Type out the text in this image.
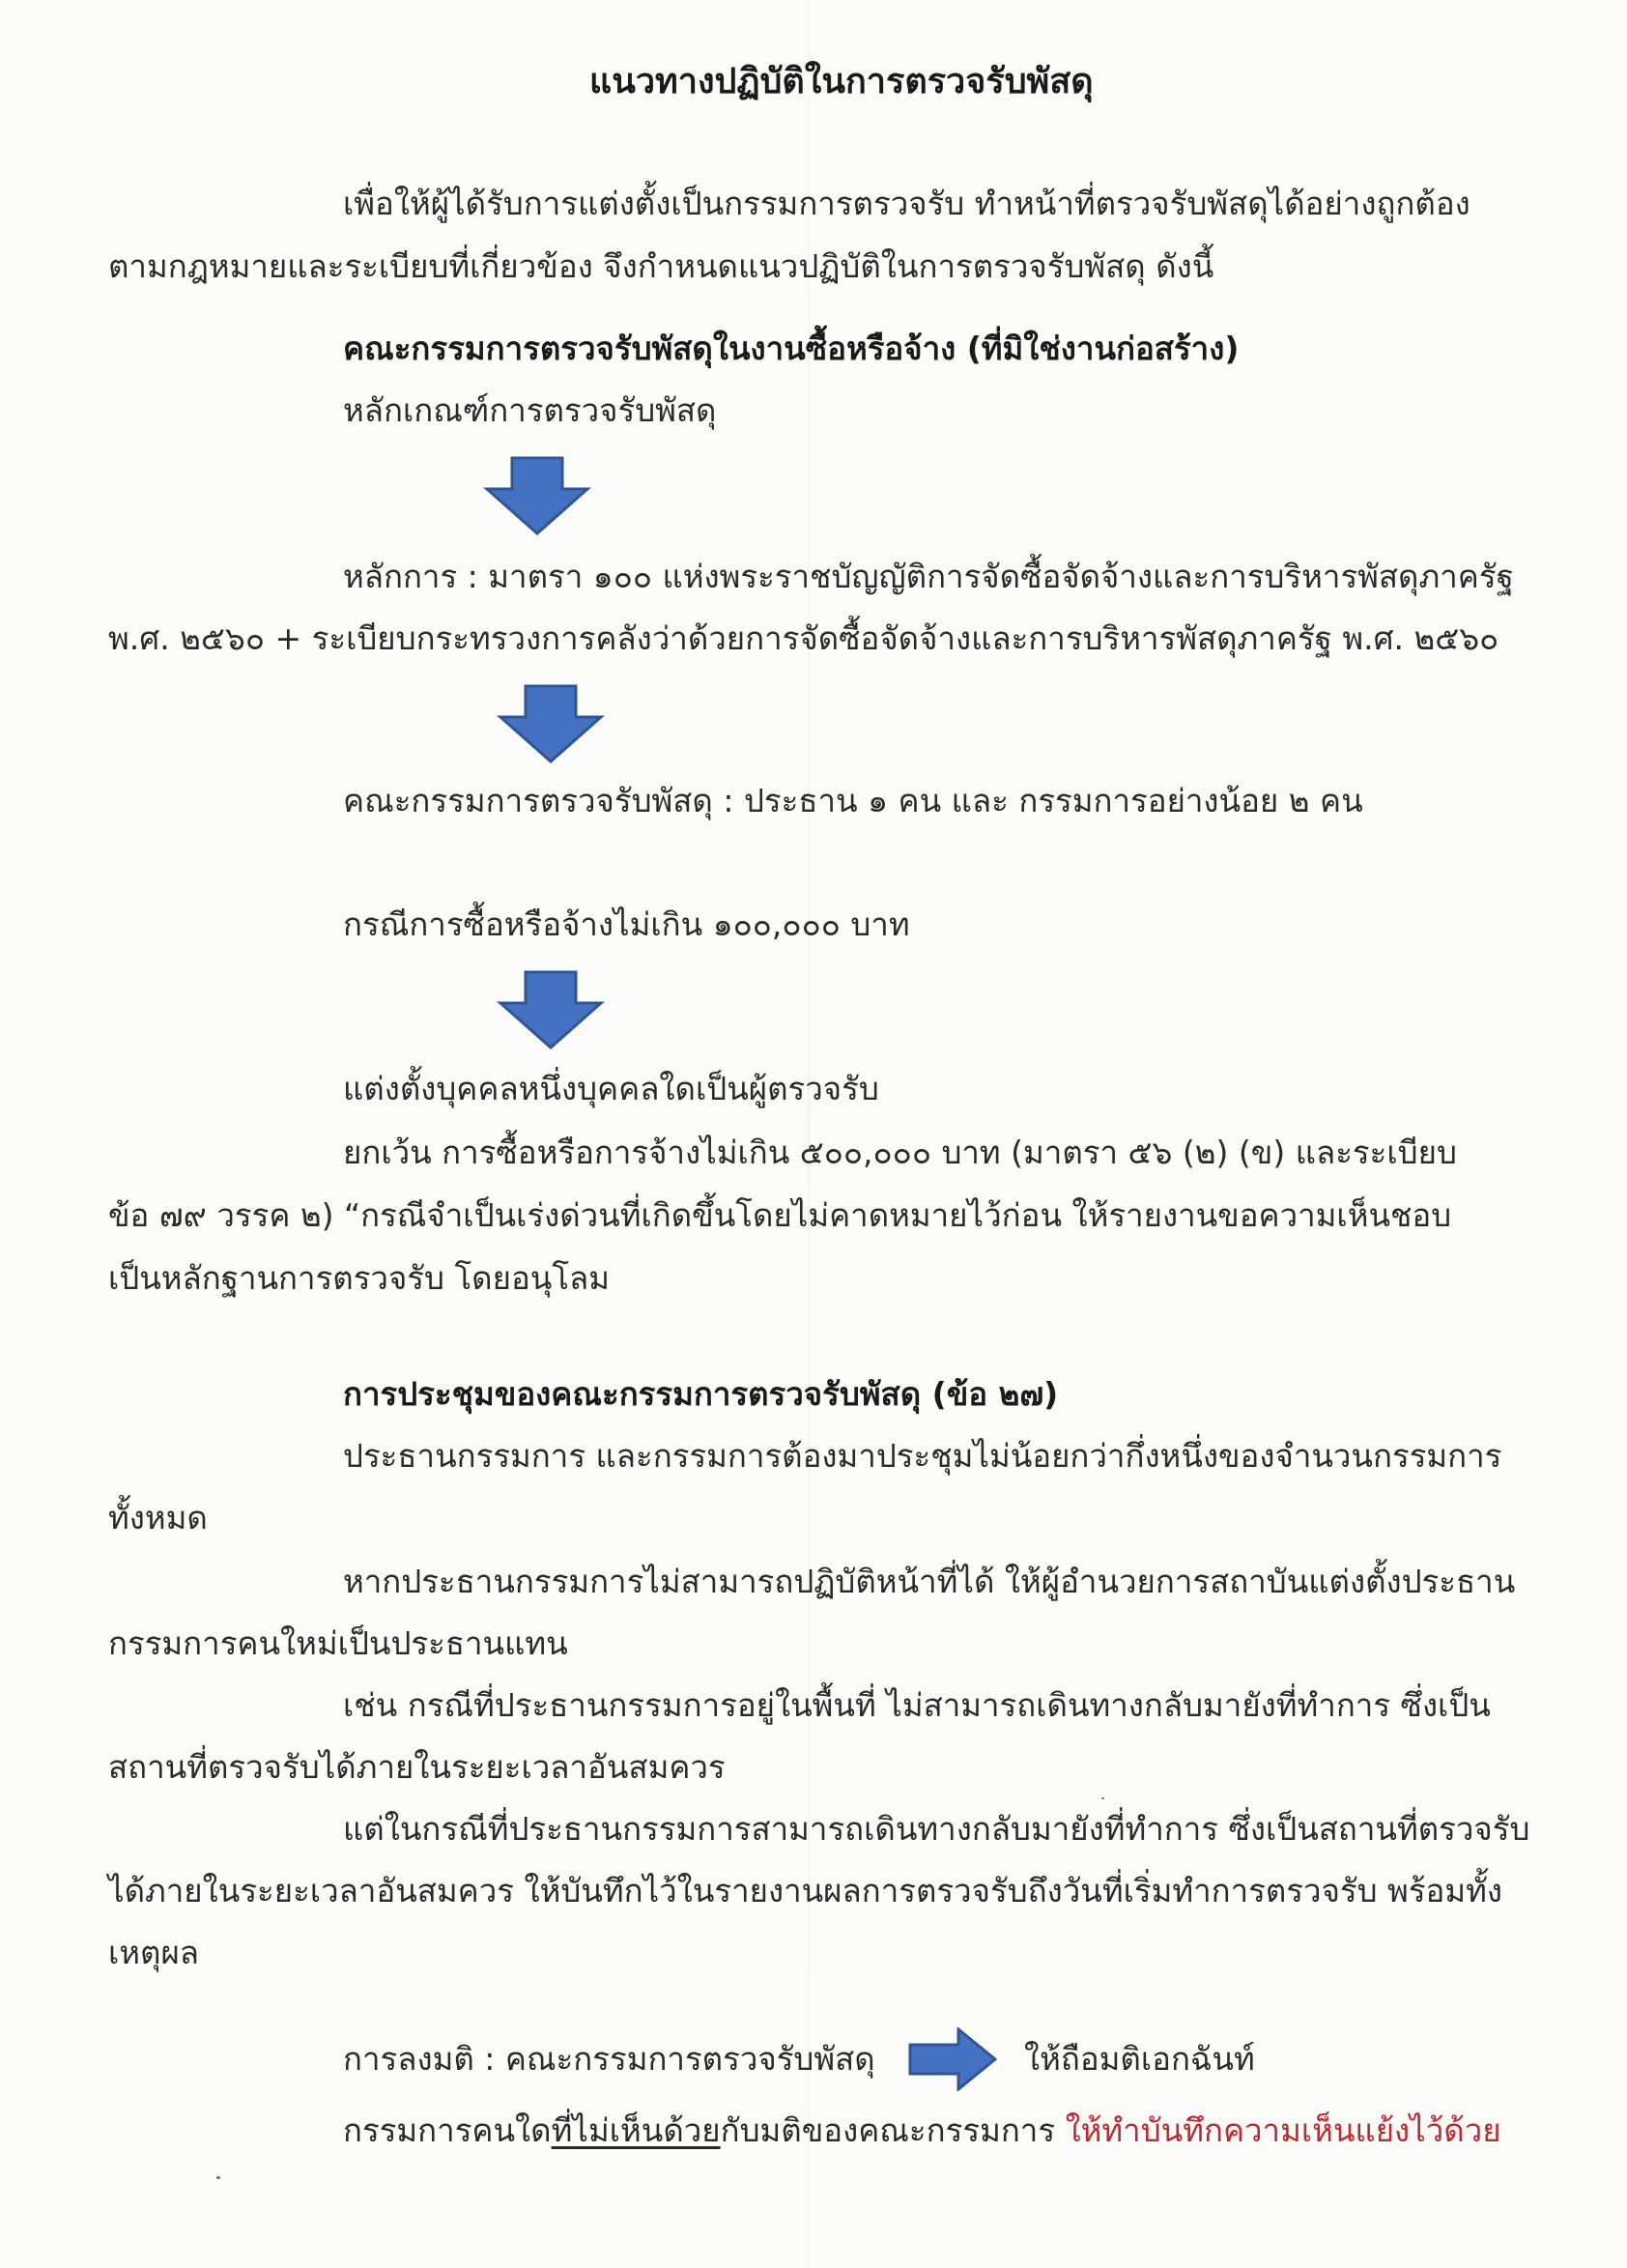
แนวทางปฏิบัติในการตรวจรับพัสดุ
เพื่อให้ผู้ได้รับการแต่งตั้งเป็นกรรมการตรวจรับ ทำหน้าที่ตรวจรับพัสดุได้อย่างถูกต้อง
ตามกฎหมายและระเบียบที่เกี่ยวข้อง จึงกำหนดแนวปฏิบัติในการตรวจรับพัสดุ ดังนี้
คณะกรรมการตรวจรับพัสดุในงานซื้อหรือจ้าง (ที่มิใช่งานก่อสร้าง)
หลักเกณฑ์การตรวจรับพัสดุ
หลักการ : มาตรา ๑๐๐ แห่งพระราชบัญญัติการจัดซื้อจัดจ้างและการบริหารพัสดุภาครัฐ
พ.ศ. ๒๕๖๐ + ระเบียบกระทรวงการคลังว่าด้วยการจัดซื้อจัดจ้างและการบริหารพัสดุภาครัฐ พ.ศ. ๒๕๖๐
คณะกรรมการตรวจรับพัสดุ : ประธาน ๑ คน และ กรรมการอย่างน้อย ๒ คน
กรณีการซื้อหรือจ้างไม่เกิน ๑๐๐,๐๐๐ บาท
แต่งตั้งบุคคลหนึ่งบุคคลใดเป็นผู้ตรวจรับ
ยกเว้น การซื้อหรือการจ้างไม่เกิน ๕๐๐,๐๐๐ บาท (มาตรา ๕๖ (๒) (ข) และระเบียบ
ข้อ ๗๙ วรรค ๒) “กรณีจำเป็นเร่งด่วนที่เกิดขึ้นโดยไม่คาดหมายไว้ก่อน ให้รายงานขอความเห็นชอบ
เป็นหลักฐานการตรวจรับ โดยอนุโลม
การประชุมของคณะกรรมการตรวจรับพัสดุ (ข้อ ๒๗)
ประธานกรรมการ และกรรมการต้องมาประชุมไม่น้อยกว่ากึ่งหนึ่งของจำนวนกรรมการ
ทั้งหมด
หากประธานกรรมการไม่สามารถปฏิบัติหน้าที่ได้ ให้ผู้อำนวยการสถาบันแต่งตั้งประธาน
กรรมการคนใหม่เป็นประธานแทน
เช่น กรณีที่ประธานกรรมการอยู่ในพื้นที่ ไม่สามารถเดินทางกลับมายังที่ทำการ ซึ่งเป็น
สถานที่ตรวจรับได้ภายในระยะเวลาอันสมควร
แต่ในกรณีที่ประธานกรรมการสามารถเดินทางกลับมายังที่ทำการ ซึ่งเป็นสถานที่ตรวจรับ
ได้ภายในระยะเวลาอันสมควร ให้บันทึกไว้ในรายงานผลการตรวจรับถึงวันที่เริ่มทำการตรวจรับ พร้อมทั้ง
เหตุผล
การลงมติ : คณะกรรมการตรวจรับพัสดุ	ให้ถือมติเอกฉันท์
กรรมการคนใดที่ไม่เห็นด้วยกับมติของคณะกรรมการ ให้ทำบันทึกความเห็นแย้งไว้ด้วย
